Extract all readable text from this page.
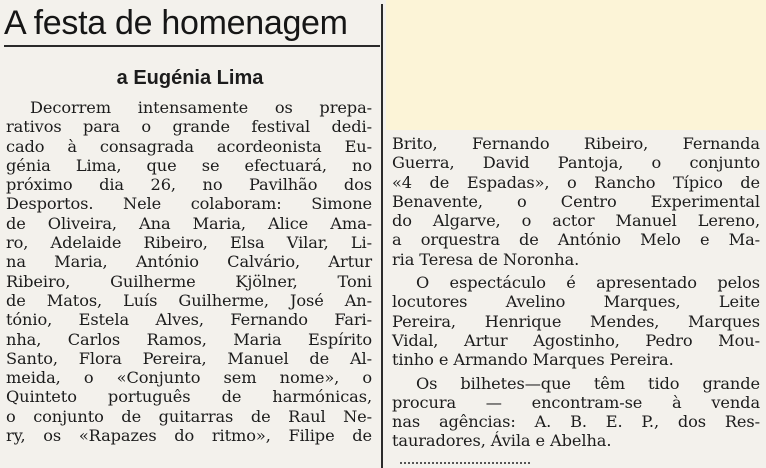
A festa de homenagem
a Eugénia Lima
Decorrem intensamente os prepa-
rativos para o grande festival dedi-
cado à consagrada acordeonista Eu-
génia Lima, que se efectuará, no
próximo dia 26, no Pavilhão dos
Desportos. Nele colaboram: Simone
de Oliveira, Ana Maria, Alice Ama-
ro, Adelaide Ribeiro, Elsa Vilar, Li-
na Maria, António Calvário, Artur
Ribeiro, Guilherme Kjölner, Toni
de Matos, Luís Guilherme, José An-
tónio, Estela Alves, Fernando Fari-
nha, Carlos Ramos, Maria Espírito
Santo, Flora Pereira, Manuel de Al-
meida, o «Conjunto sem nome», o
Quinteto português de harmónicas,
o conjunto de guitarras de Raul Ne-
ry, os «Rapazes do ritmo», Filipe de
Brito, Fernando Ribeiro, Fernanda
Guerra, David Pantoja, o conjunto
«4 de Espadas», o Rancho Típico de
Benavente, o Centro Experimental
do Algarve, o actor Manuel Lereno,
a orquestra de António Melo e Ma-
ria Teresa de Noronha.
O espectáculo é apresentado pelos
locutores Avelino Marques, Leite
Pereira, Henrique Mendes, Marques
Vidal, Artur Agostinho, Pedro Mou-
tinho e Armando Marques Pereira.
Os bilhetes—que têm tido grande
procura — encontram-se à venda
nas agências: A. B. E. P., dos Res-
tauradores, Ávila e Abelha.
